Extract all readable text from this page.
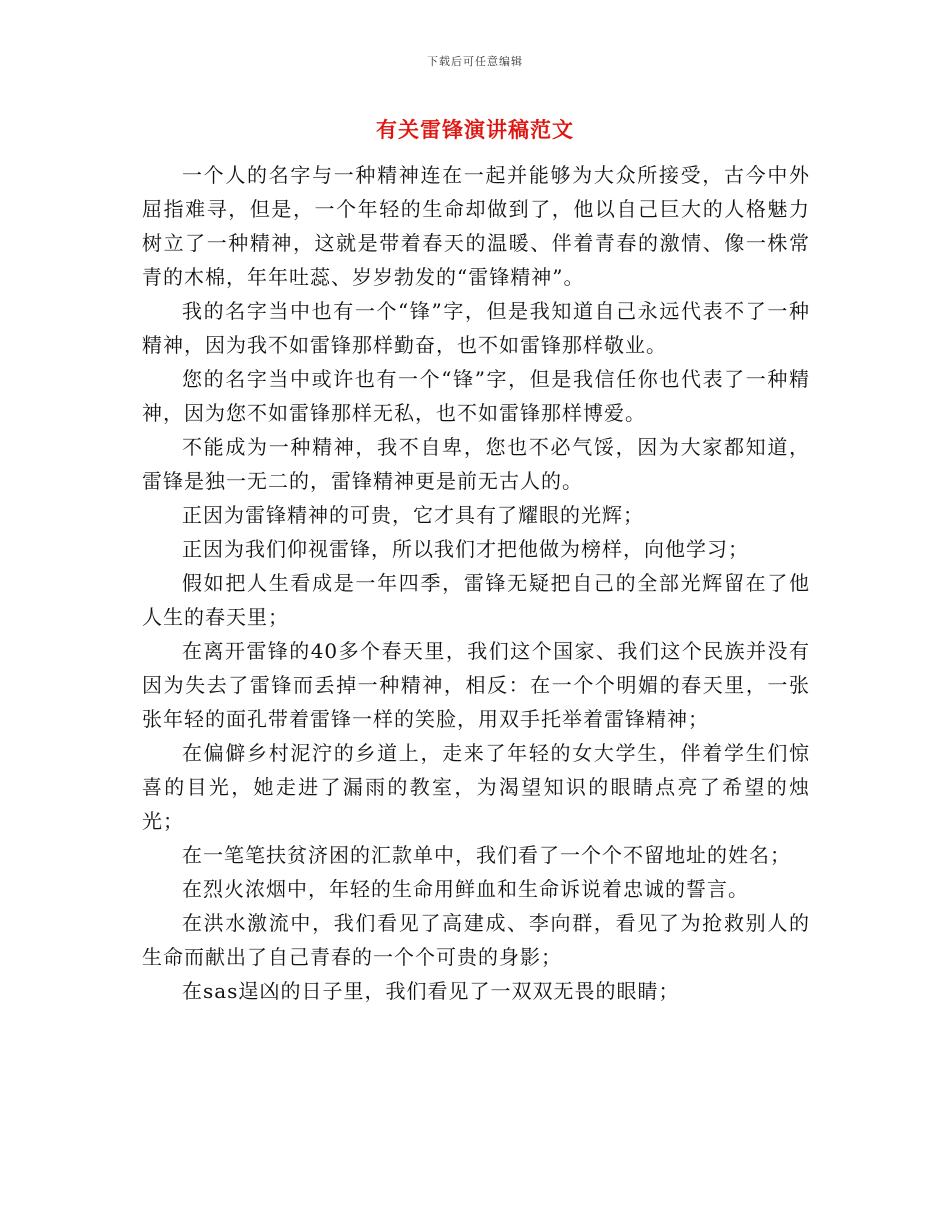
下载后可任意编辑
有关雷锋演讲稿范文

一个人的名字与一种精神连在一起并能够为大众所接受，古今中外屈指难寻，但是，一个年轻的生命却做到了，他以自己巨大的人格魅力树立了一种精神，这就是带着春天的温暖、伴着青春的激情、像一株常青的木棉，年年吐蕊、岁岁勃发的“雷锋精神”。

我的名字当中也有一个“锋”字，但是我知道自己永远代表不了一种精神，因为我不如雷锋那样勤奋，也不如雷锋那样敬业。

您的名字当中或许也有一个“锋”字，但是我信任你也代表了一种精神，因为您不如雷锋那样无私，也不如雷锋那样博爱。

不能成为一种精神，我不自卑，您也不必气馁，因为大家都知道，雷锋是独一无二的，雷锋精神更是前无古人的。

正因为雷锋精神的可贵，它才具有了耀眼的光辉；

正因为我们仰视雷锋，所以我们才把他做为榜样，向他学习；

假如把人生看成是一年四季，雷锋无疑把自己的全部光辉留在了他人生的春天里；

在离开雷锋的40多个春天里，我们这个国家、我们这个民族并没有因为失去了雷锋而丢掉一种精神，相反：在一个个明媚的春天里，一张张年轻的面孔带着雷锋一样的笑脸，用双手托举着雷锋精神；

在偏僻乡村泥泞的乡道上，走来了年轻的女大学生，伴着学生们惊喜的目光，她走进了漏雨的教室，为渴望知识的眼睛点亮了希望的烛光；

在一笔笔扶贫济困的汇款单中，我们看了一个个不留地址的姓名；

在烈火浓烟中，年轻的生命用鲜血和生命诉说着忠诚的誓言。

在洪水激流中，我们看见了高建成、李向群，看见了为抢救别人的生命而献出了自己青春的一个个可贵的身影；

在sas逞凶的日子里，我们看见了一双双无畏的眼睛；
